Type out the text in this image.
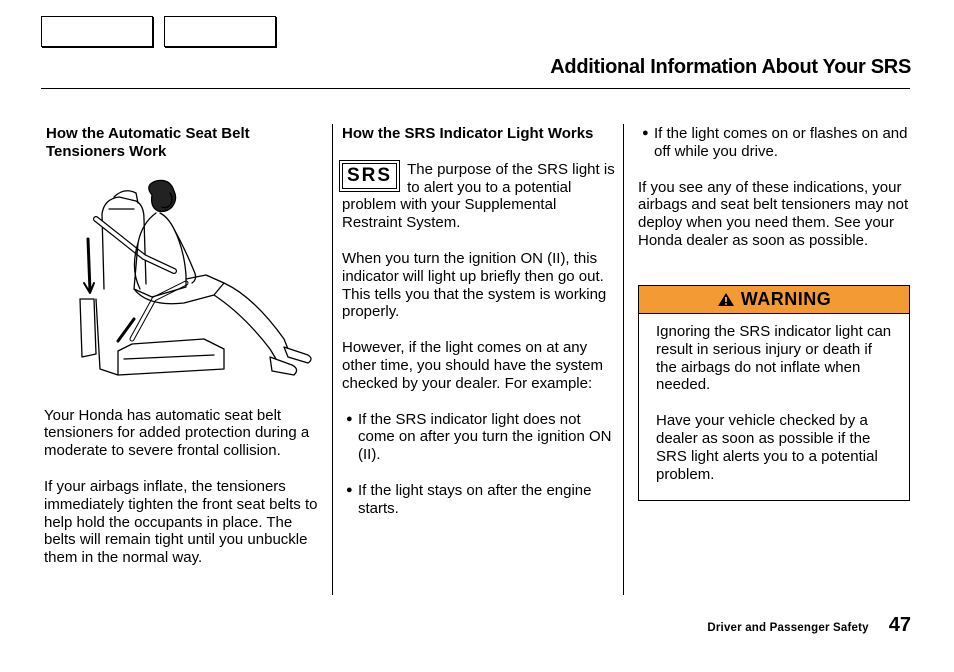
Additional Information About Your SRS

How the Automatic Seat Belt Tensioners Work

Your Honda has automatic seat belt tensioners for added protection during a moderate to severe frontal collision.

If your airbags inflate, the tensioners immediately tighten the front seat belts to help hold the occupants in place. The belts will remain tight until you unbuckle them in the normal way.

How the SRS Indicator Light Works

SRS	The purpose of the SRS light is to alert you to a potential problem with your Supplemental Restraint System.

When you turn the ignition ON (II), this indicator will light up briefly then go out. This tells you that the system is working properly.

However, if the light comes on at any other time, you should have the system checked by your dealer. For example:

● If the SRS indicator light does not come on after you turn the ignition ON (II).
● If the light stays on after the engine starts.
● If the light comes on or flashes on and off while you drive.

If you see any of these indications, your airbags and seat belt tensioners may not deploy when you need them. See your Honda dealer as soon as possible.

WARNING

Ignoring the SRS indicator light can result in serious injury or death if the airbags do not inflate when needed.

Have your vehicle checked by a dealer as soon as possible if the SRS light alerts you to a potential problem.

Driver and Passenger Safety 47
